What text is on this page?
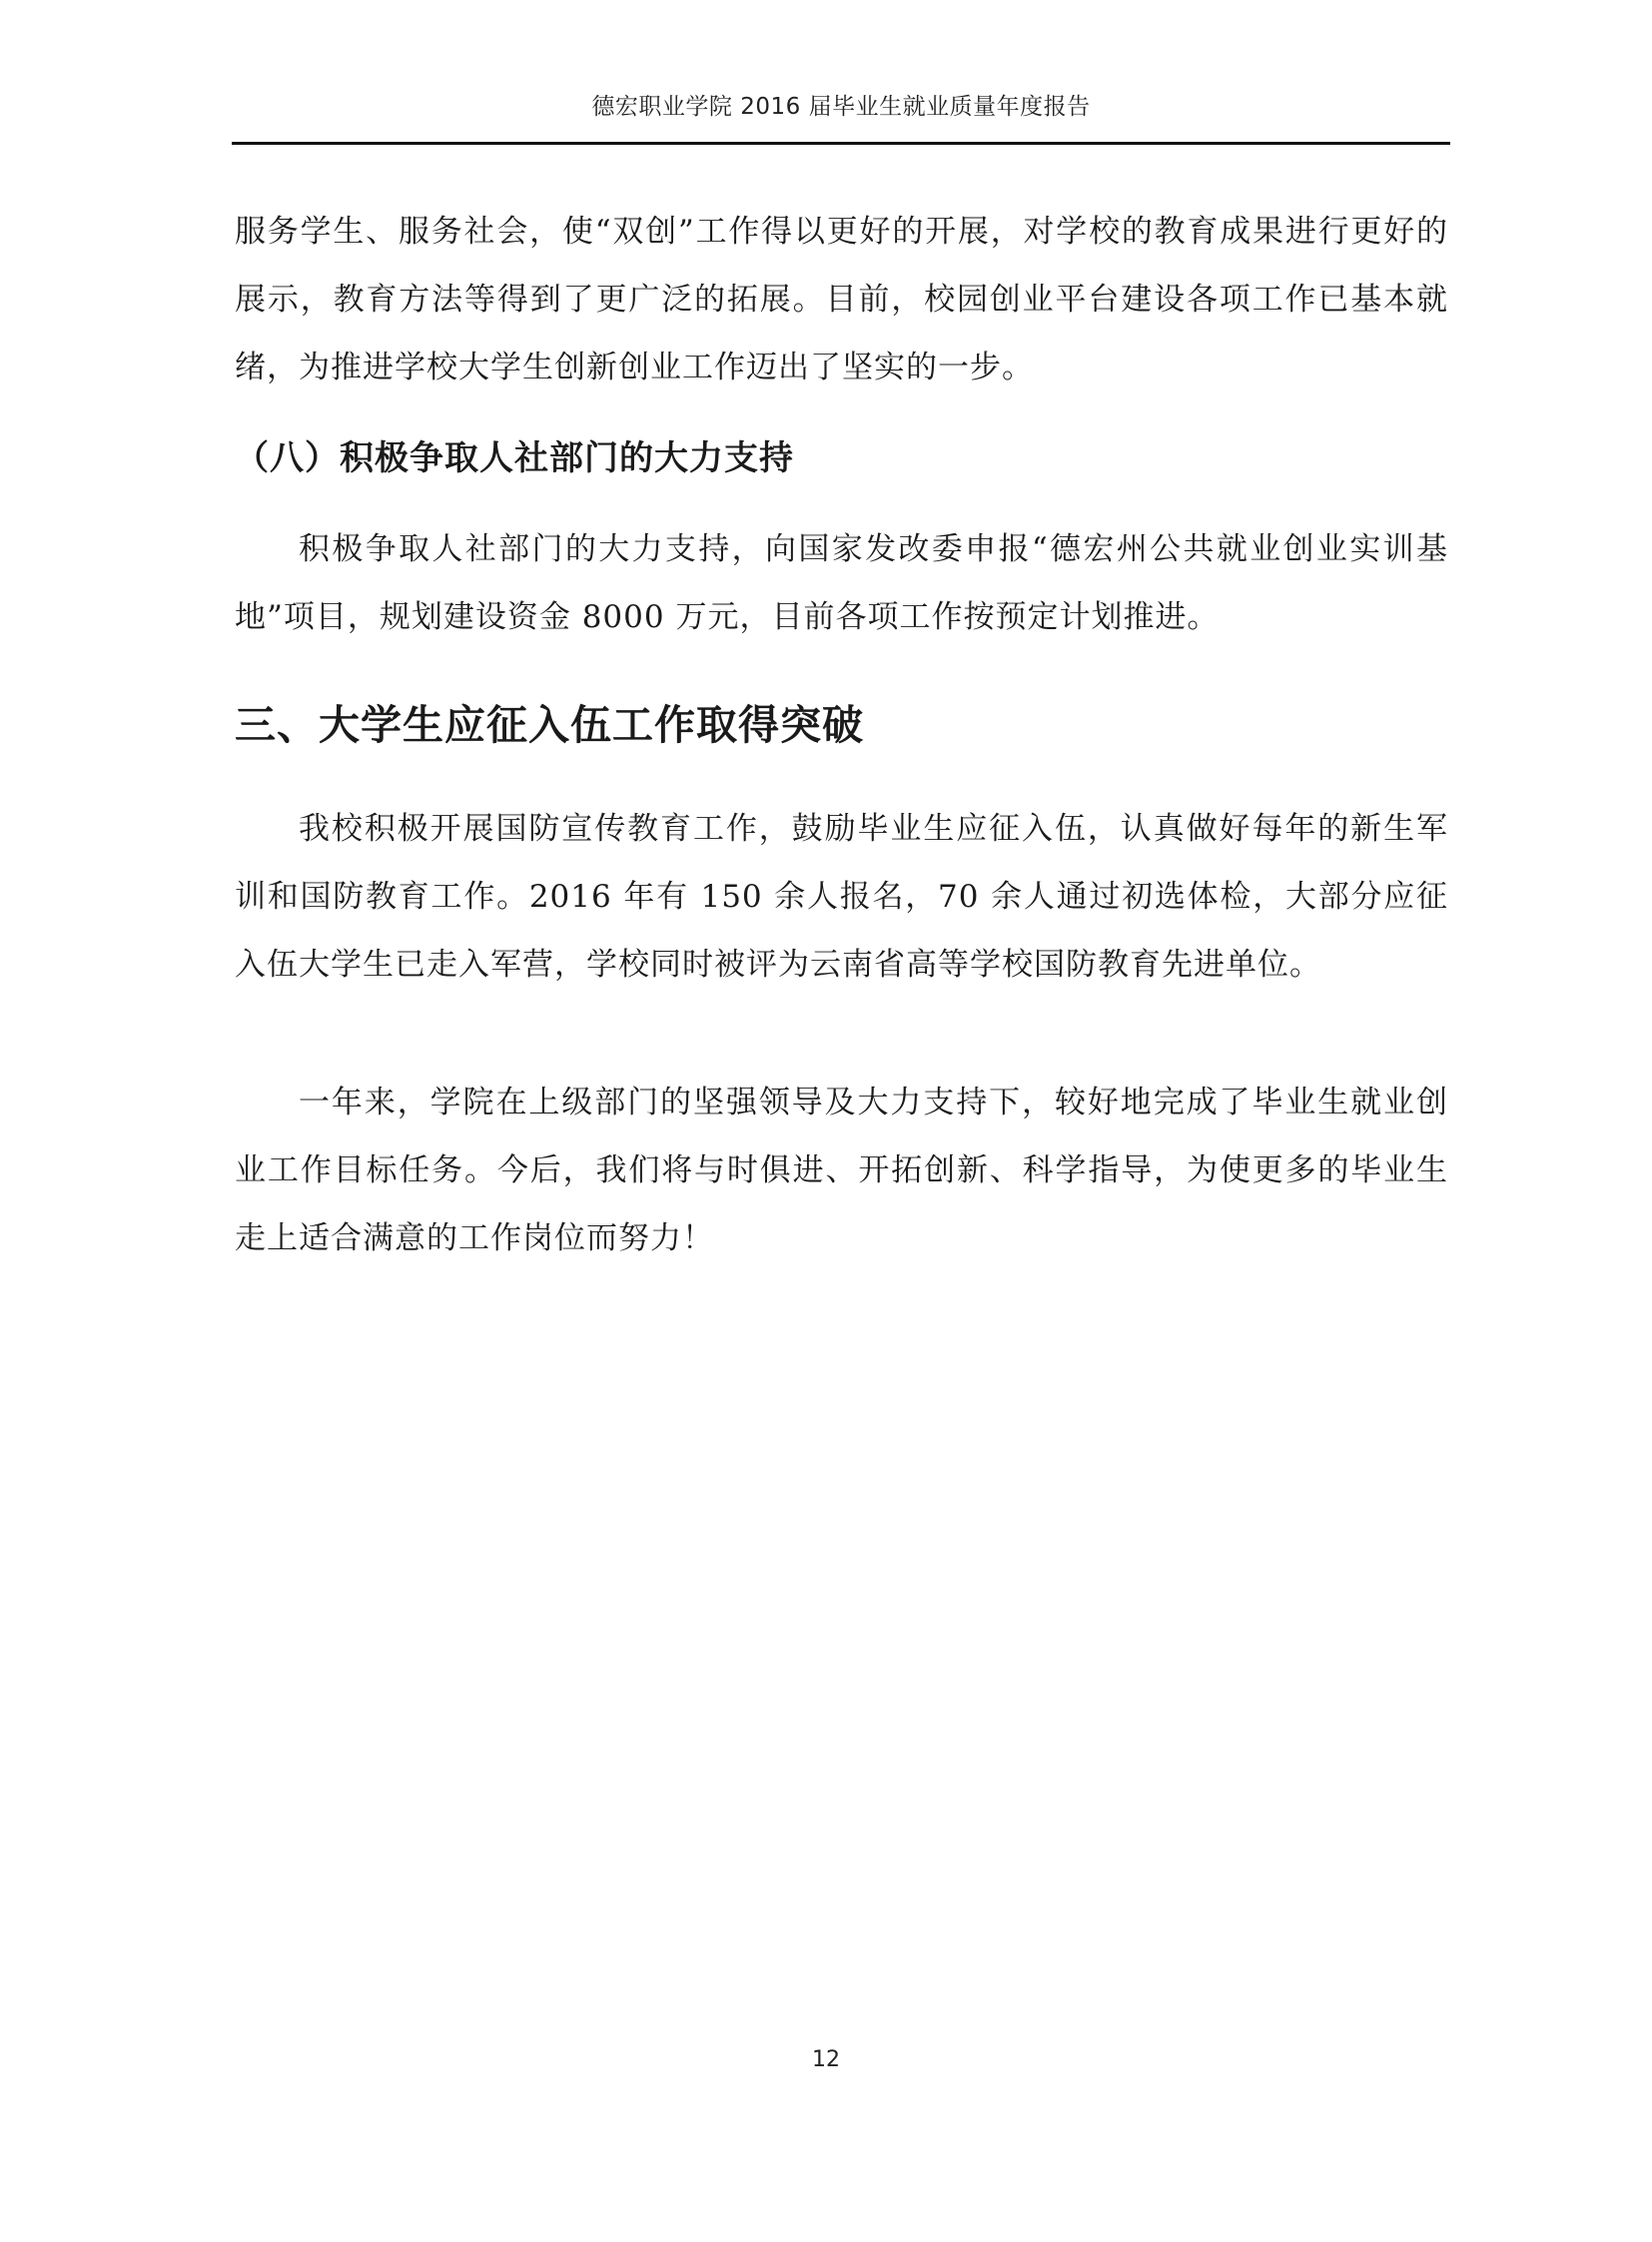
德宏职业学院 2016 届毕业生就业质量年度报告

服务学生、服务社会，使“双创”工作得以更好的开展，对学校的教育成果进行更好的展示，教育方法等得到了更广泛的拓展。目前，校园创业平台建设各项工作已基本就绪，为推进学校大学生创新创业工作迈出了坚实的一步。

（八）积极争取人社部门的大力支持

积极争取人社部门的大力支持，向国家发改委申报“德宏州公共就业创业实训基地”项目，规划建设资金 8000 万元，目前各项工作按预定计划推进。

三、大学生应征入伍工作取得突破

我校积极开展国防宣传教育工作，鼓励毕业生应征入伍，认真做好每年的新生军训和国防教育工作。2016 年有 150 余人报名，70 余人通过初选体检，大部分应征入伍大学生已走入军营，学校同时被评为云南省高等学校国防教育先进单位。

一年来，学院在上级部门的坚强领导及大力支持下，较好地完成了毕业生就业创业工作目标任务。今后，我们将与时俱进、开拓创新、科学指导，为使更多的毕业生走上适合满意的工作岗位而努力！

12
